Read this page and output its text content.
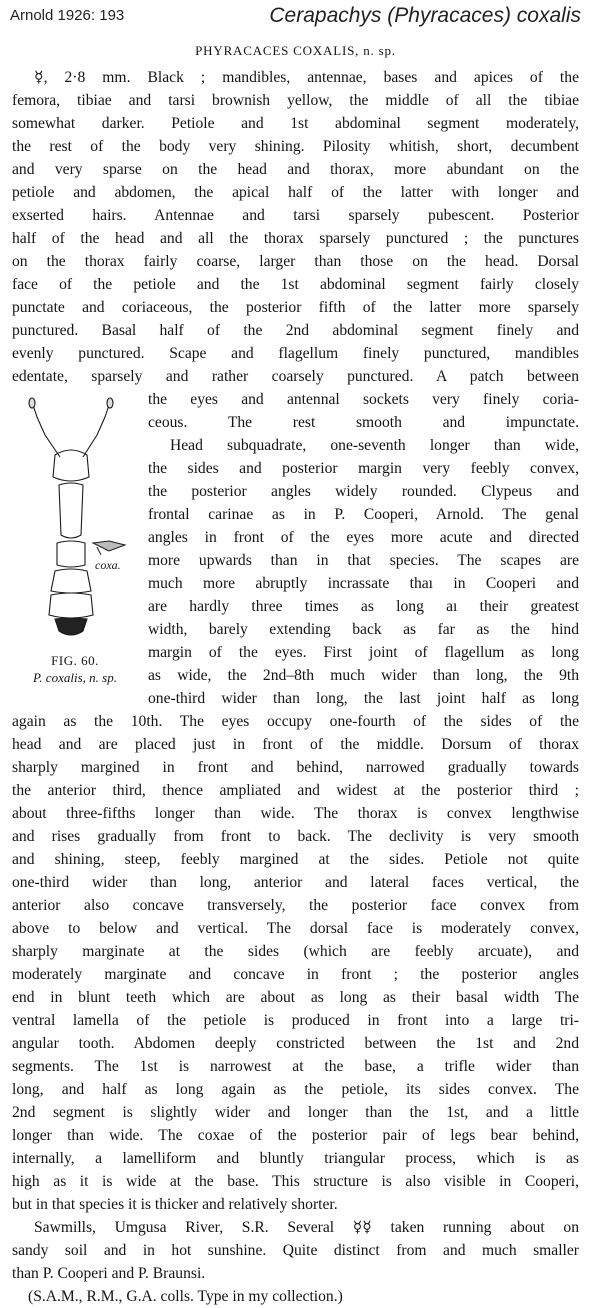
Arnold 1926: 193	Cerapachys (Phyracaces) coxalis
PHYRACACES COXALIS, n. sp.
☿, 2·8 mm. Black ; mandibles, antennae, bases and apices of the
femora, tibiae and tarsi brownish yellow, the middle of all the tibiae
somewhat darker. Petiole and 1st abdominal segment moderately,
the rest of the body very shining. Pilosity whitish, short, decumbent
and very sparse on the head and thorax, more abundant on the
petiole and abdomen, the apical half of the latter with longer and
exserted hairs. Antennae and tarsi sparsely pubescent. Posterior
half of the head and all the thorax sparsely punctured ; the punctures
on the thorax fairly coarse, larger than those on the head. Dorsal
face of the petiole and the 1st abdominal segment fairly closely
punctate and coriaceous, the posterior fifth of the latter more sparsely
punctured. Basal half of the 2nd abdominal segment finely and
evenly punctured. Scape and flagellum finely punctured, mandibles
edentate, sparsely and rather coarsely punctured. A patch between
coxa.
FIG. 60.
P. coxalis, n. sp.
the eyes and antennal sockets very finely coria-
ceous. The rest smooth and impunctate.
Head subquadrate, one-seventh longer than wide,
the sides and posterior margin very feebly convex,
the posterior angles widely rounded. Clypeus and
frontal carinae as in P. Cooperi, Arnold. The genal
angles in front of the eyes more acute and directed
more upwards than in that species. The scapes are
much more abruptly incrassate thaı in Cooperi and
are hardly three times as long aı their greatest
width, barely extending back as far as the hind
margin of the eyes. First joint of flagellum as long
as wide, the 2nd–8th much wider than long, the 9th
one-third wider than long, the last joint half as long
again as the 10th. The eyes occupy one-fourth of the sides of the
head and are placed just in front of the middle. Dorsum of thorax
sharply margined in front and behind, narrowed gradually towards
the anterior third, thence ampliated and widest at the posterior third ;
about three-fifths longer than wide. The thorax is convex lengthwise
and rises gradually from front to back. The declivity is very smooth
and shining, steep, feebly margined at the sides. Petiole not quite
one-third wider than long, anterior and lateral faces vertical, the
anterior also concave transversely, the posterior face convex from
above to below and vertical. The dorsal face is moderately convex,
sharply marginate at the sides (which are feebly arcuate), and
moderately marginate and concave in front ; the posterior angles
end in blunt teeth which are about as long as their basal width The
ventral lamella of the petiole is produced in front into a large tri-
angular tooth. Abdomen deeply constricted between the 1st and 2nd
segments. The 1st is narrowest at the base, a trifle wider than
long, and half as long again as the petiole, its sides convex. The
2nd segment is slightly wider and longer than the 1st, and a little
longer than wide. The coxae of the posterior pair of legs bear behind,
internally, a lamelliform and bluntly triangular process, which is as
high as it is wide at the base. This structure is also visible in Cooperi,
but in that species it is thicker and relatively shorter.
Sawmills, Umgusa River, S.R. Several ☿☿ taken running about on
sandy soil and in hot sunshine. Quite distinct from and much smaller
than P. Cooperi and P. Braunsi.
(S.A.M., R.M., G.A. colls. Type in my collection.)
